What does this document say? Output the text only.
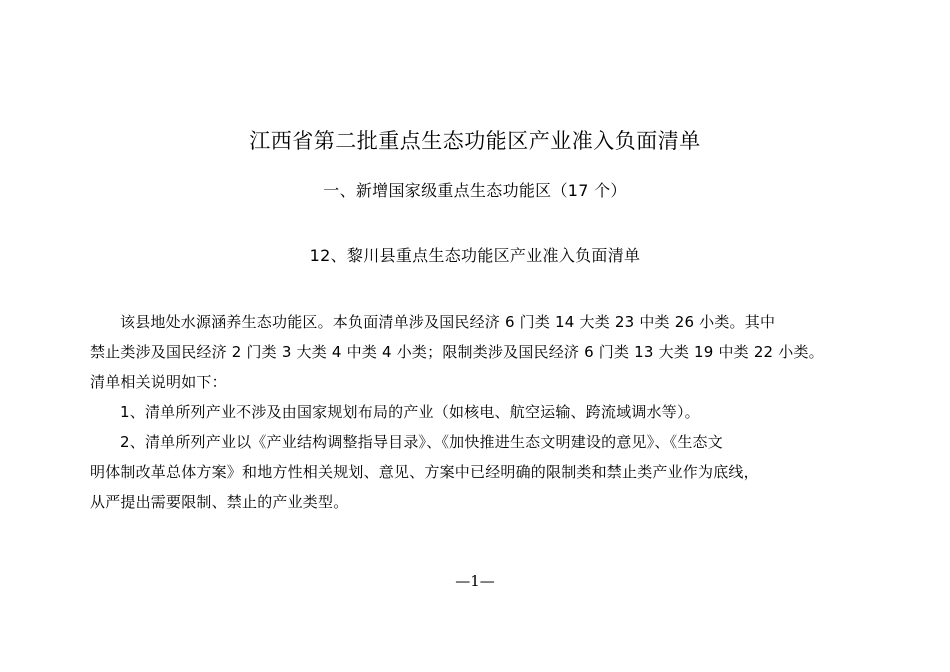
江西省第二批重点生态功能区产业准入负面清单
一、新增国家级重点生态功能区（17 个）
12、黎川县重点生态功能区产业准入负面清单

该县地处水源涵养生态功能区。本负面清单涉及国民经济 6 门类 14 大类 23 中类 26 小类。其中

禁止类涉及国民经济 2 门类 3 大类 4 中类 4 小类；限制类涉及国民经济 6 门类 13 大类 19 中类 22 小类。

清单相关说明如下：

1、清单所列产业不涉及由国家规划布局的产业（如核电、航空运输、跨流域调水等）。

2、清单所列产业以《产业结构调整指导目录》、《加快推进生态文明建设的意见》、《生态文

明体制改革总体方案》和地方性相关规划、意见、方案中已经明确的限制类和禁止类产业作为底线，

从严提出需要限制、禁止的产业类型。

—1—
